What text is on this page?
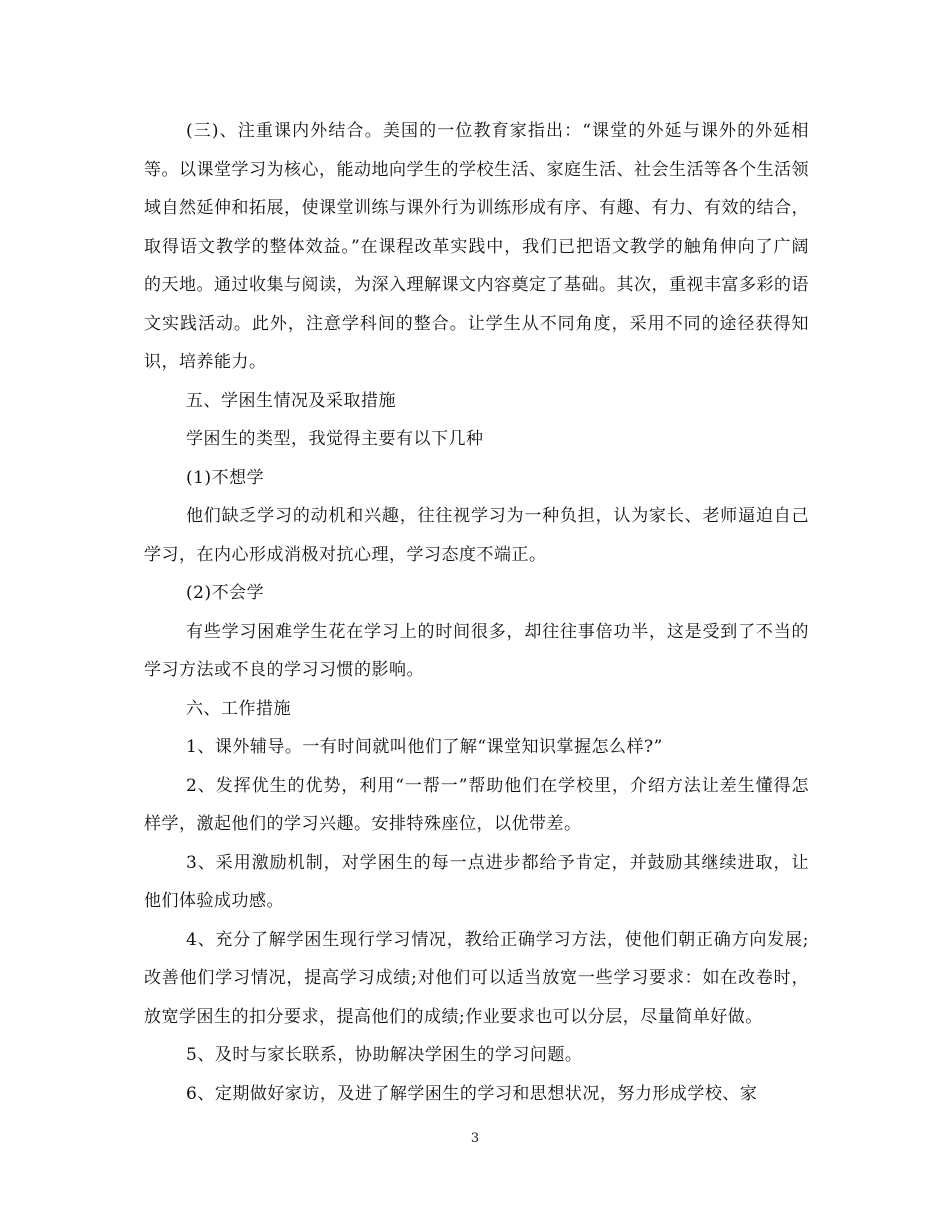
(三)、注重课内外结合。美国的一位教育家指出：“课堂的外延与课外的外延相等。以课堂学习为核心，能动地向学生的学校生活、家庭生活、社会生活等各个生活领域自然延伸和拓展，使课堂训练与课外行为训练形成有序、有趣、有力、有效的结合，取得语文教学的整体效益。”在课程改革实践中，我们已把语文教学的触角伸向了广阔的天地。通过收集与阅读，为深入理解课文内容奠定了基础。其次，重视丰富多彩的语文实践活动。此外，注意学科间的整合。让学生从不同角度，采用不同的途径获得知识，培养能力。

五、学困生情况及采取措施

学困生的类型，我觉得主要有以下几种

(1)不想学

他们缺乏学习的动机和兴趣，往往视学习为一种负担，认为家长、老师逼迫自己学习，在内心形成消极对抗心理，学习态度不端正。

(2)不会学

有些学习困难学生花在学习上的时间很多，却往往事倍功半，这是受到了不当的学习方法或不良的学习习惯的影响。

六、工作措施

1、课外辅导。一有时间就叫他们了解“课堂知识掌握怎么样?”

2、发挥优生的优势，利用“一帮一”帮助他们在学校里，介绍方法让差生懂得怎样学，激起他们的学习兴趣。安排特殊座位，以优带差。

3、采用激励机制，对学困生的每一点进步都给予肯定，并鼓励其继续进取，让他们体验成功感。

4、充分了解学困生现行学习情况，教给正确学习方法，使他们朝正确方向发展;改善他们学习情况，提高学习成绩;对他们可以适当放宽一些学习要求：如在改卷时，放宽学困生的扣分要求，提高他们的成绩;作业要求也可以分层，尽量简单好做。

5、及时与家长联系，协助解决学困生的学习问题。

6、定期做好家访，及进了解学困生的学习和思想状况，努力形成学校、家

3
